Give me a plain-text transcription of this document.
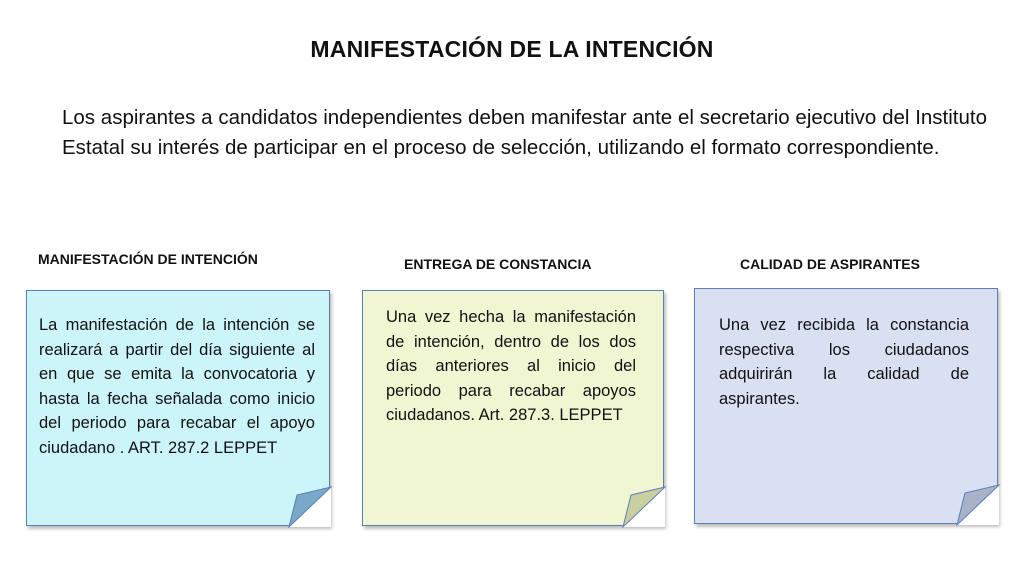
MANIFESTACIÓN DE LA INTENCIÓN
Los aspirantes a candidatos independientes deben manifestar ante el secretario ejecutivo del Instituto Estatal su interés de participar en el proceso de selección, utilizando el formato correspondiente.
MANIFESTACIÓN DE INTENCIÓN	ENTREGA DE CONSTANCIA	CALIDAD DE ASPIRANTES
La manifestación de la intención se realizará a partir del día siguiente al en que se emita la convocatoria y hasta la fecha señalada como inicio del periodo para recabar el apoyo ciudadano . ART. 287.2 LEPPET
Una vez hecha la manifestación de intención, dentro de los dos días anteriores al inicio del periodo para recabar apoyos ciudadanos. Art. 287.3. LEPPET
Una vez recibida la constancia respectiva los ciudadanos adquirirán la calidad de aspirantes.
